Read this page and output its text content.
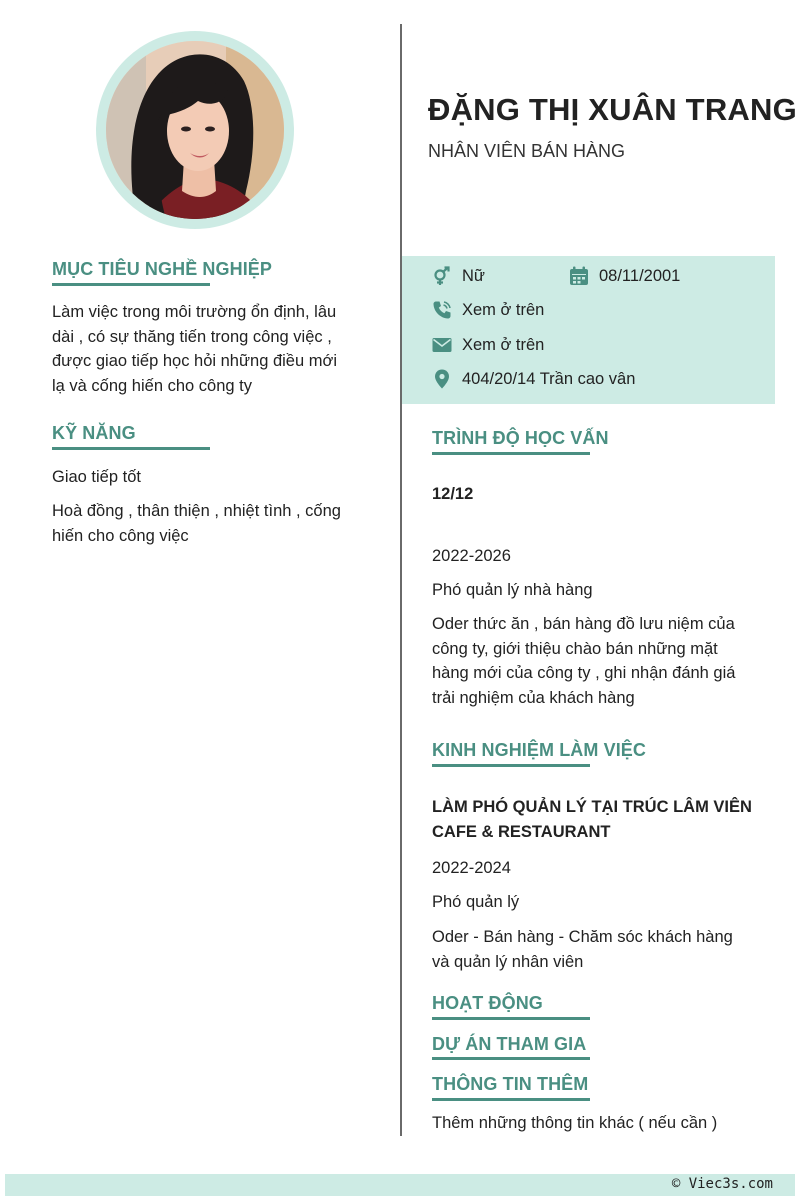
MỤC TIÊU NGHỀ NGHIỆP
Làm việc trong môi trường ổn định, lâu
dài , có sự thăng tiến trong công việc ,
được giao tiếp học hỏi những điều mới
lạ và cống hiến cho công ty
KỸ NĂNG
Giao tiếp tốt
Hoà đồng , thân thiện , nhiệt tình , cống
hiến cho công việc
ĐẶNG THỊ XUÂN TRANG
NHÂN VIÊN BÁN HÀNG
Nữ	08/11/2001
Xem ở trên
Xem ở trên
404/20/14 Trần cao vân
TRÌNH ĐỘ HỌC VẤN
12/12
2022-2026
Phó quản lý nhà hàng
Oder thức ăn , bán hàng đồ lưu niệm của
công ty, giới thiệu chào bán những mặt
hàng mới của công ty , ghi nhận đánh giá
trải nghiệm của khách hàng
KINH NGHIỆM LÀM VIỆC
LÀM PHÓ QUẢN LÝ TẠI TRÚC LÂM VIÊN
CAFE & RESTAURANT
2022-2024
Phó quản lý
Oder - Bán hàng - Chăm sóc khách hàng
và quản lý nhân viên
HOẠT ĐỘNG
DỰ ÁN THAM GIA
THÔNG TIN THÊM
Thêm những thông tin khác ( nếu cần )
© Viec3s.com
